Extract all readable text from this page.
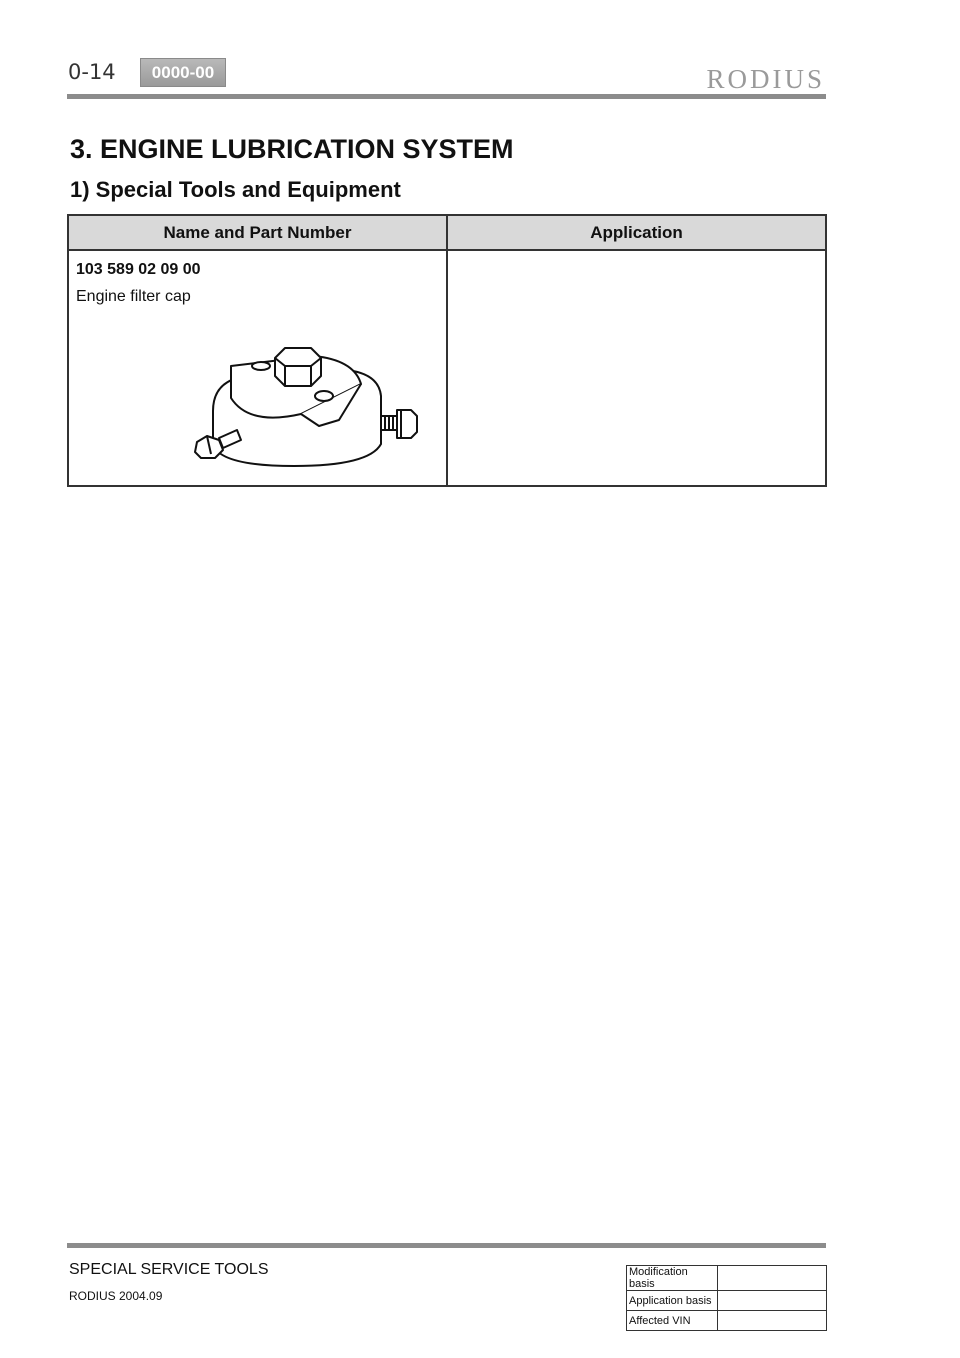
0-14	0000-00	RODIUS
3. ENGINE LUBRICATION SYSTEM
1) Special Tools and Equipment
Name and Part Number	Application

103 589 02 09 00
Engine filter cap	

SPECIAL SERVICE TOOLS
RODIUS 2004.09
Modification basis	
Application basis	
Affected VIN	
